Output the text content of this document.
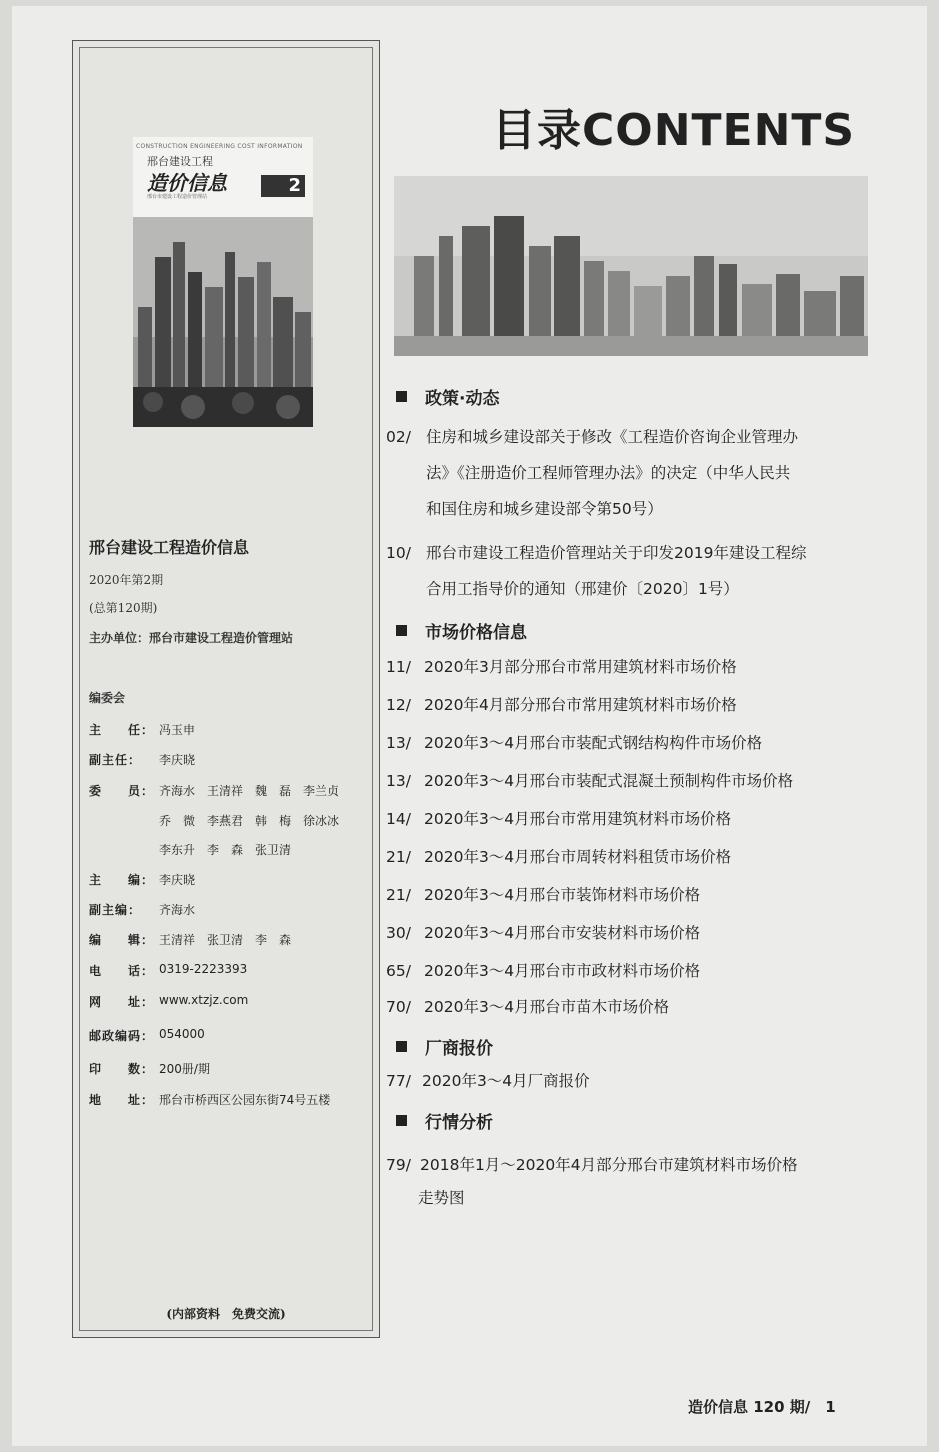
CONSTRUCTION ENGINEERING COST INFORMATION
邢台建设工程
造价信息
邢台市建设工程造价管理站
2
邢台建设工程造价信息
2020年第2期
(总第120期)
主办单位：邢台市建设工程造价管理站
编委会
主　　任： 冯玉申
副主任：	李庆晓
委　　员： 齐海水　王清祥　魏　磊　李兰贞
乔　微　李燕君　韩　梅　徐冰冰
李东升　李　森　张卫清
主　　编： 李庆晓
副主编：	齐海水
编　　辑： 王清祥　张卫清　李　森
电　　话： 0319-2223393
网　　址： www.xtzjz.com
邮政编码： 054000
印　　数： 200册/期
地　　址： 邢台市桥西区公园东街74号五楼
(内部资料　免费交流)
目录CONTENTS
政策·动态
02/ 住房和城乡建设部关于修改《工程造价咨询企业管理办
法》《注册造价工程师管理办法》的决定（中华人民共
和国住房和城乡建设部令第50号）
10/ 邢台市建设工程造价管理站关于印发2019年建设工程综
合用工指导价的通知（邢建价〔2020〕1号）
市场价格信息
11/ 2020年3月部分邢台市常用建筑材料市场价格
12/ 2020年4月部分邢台市常用建筑材料市场价格
13/ 2020年3～4月邢台市装配式钢结构构件市场价格
13/ 2020年3～4月邢台市装配式混凝土预制构件市场价格
14/ 2020年3～4月邢台市常用建筑材料市场价格
21/ 2020年3～4月邢台市周转材料租赁市场价格
21/ 2020年3～4月邢台市装饰材料市场价格
30/ 2020年3～4月邢台市安装材料市场价格
65/ 2020年3～4月邢台市市政材料市场价格
70/ 2020年3～4月邢台市苗木市场价格
厂商报价
77/ 2020年3～4月厂商报价
行情分析
79/ 2018年1月～2020年4月部分邢台市建筑材料市场价格
走势图
造价信息 120 期/　1
